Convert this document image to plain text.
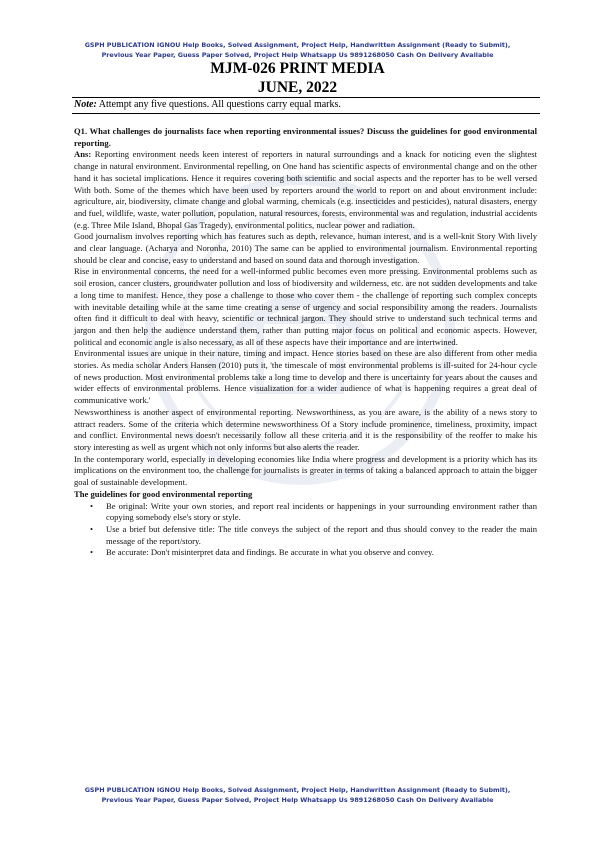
GSPH PUBLICATION IGNOU Help Books, Solved Assignment, Project Help, Handwritten Assignment (Ready to Submit),
Previous Year Paper, Guess Paper Solved, Project Help Whatsapp Us 9891268050 Cash On Delivery Available
MJM-026 PRINT MEDIA
JUNE, 2022
Note: Attempt any five questions. All questions carry equal marks.

Q1. What challenges do journalists face when reporting environmental issues? Discuss the guidelines for good environmental reporting.

Ans: Reporting environment needs keen interest of reporters in natural surroundings and a knack for noticing even the slightest change in natural environment. Environmental repelling, on One hand has scientific aspects of environmental change and on the other hand it has societal implications. Hence it requires covering both scientific and social aspects and the reporter has to be well versed With both. Some of the themes which have been used by reporters around the world to report on and about environment include: agriculture, air, biodiversity, climate change and global warming, chemicals (e.g. insecticides and pesticides), natural disasters, energy and fuel, wildlife, waste, water pollution, population, natural resources, forests, environmental was and regulation, industrial accidents (e.g. Three Mile Island, Bhopal Gas Tragedy), environmental politics, nuclear power and radiation.

Good journalism involves reporting which has features such as depth, relevance, human interest, and is a well-knit Story With lively and clear language. (Acharya and Noronha, 2010) The same can be applied to environmental journalism. Environmental reporting should be clear and concise, easy to understand and based on sound data and thorough investigation.

Rise in environmental concerns, the need for a well-informed public becomes even more pressing. Environmental problems such as soil erosion, cancer clusters, groundwater pollution and loss of biodiversity and wilderness, etc. are not sudden developments and take a long time to manifest. Hence, they pose a challenge to those who cover them - the challenge of reporting such complex concepts with inevitable detailing while at the same time creating a sense of urgency and social responsibility among the readers. Journalists often find it difficult to deal with heavy, scientific or technical jargon. They should strive to understand such technical terms and jargon and then help the audience understand them, rather than putting major focus on political and economic aspects. However, political and economic angle is also necessary, as all of these aspects have their importance and are intertwined.

Environmental issues are unique in their nature, timing and impact. Hence stories based on these are also different from other media stories. As media scholar Anders Hansen (2010) puts it, 'the timescale of most environmental problems is ill-suited for 24-hour cycle of news production. Most environmental problems take a long time to develop and there is uncertainty for years about the causes and wider effects of environmental problems. Hence visualization for a wider audience of what is happening requires a great deal of communicative work.'

Newsworthiness is another aspect of environmental reporting. Newsworthiness, as you are aware, is the ability of a news story to attract readers. Some of the criteria which determine newsworthiness Of a Story include prominence, timeliness, proximity, impact and conflict. Environmental news doesn't necessarily follow all these criteria and it is the responsibility of the reoffer to make his story interesting as well as urgent which not only informs but also alerts the reader.

In the contemporary world, especially in developing economies like India where progress and development is a priority which has its implications on the environment too, the challenge for journalists is greater in terms of taking a balanced approach to attain the bigger goal of sustainable development.

The guidelines for good environmental reporting

• Be original: Write your own stories, and report real incidents or happenings in your surrounding environment rather than copying somebody else's story or style.
• Use a brief but defensive title: The title conveys the subject of the report and thus should convey to the reader the main message of the report/story.
• Be accurate: Don't misinterpret data and findings. Be accurate in what you observe and convey.
GSPH PUBLICATION IGNOU Help Books, Solved Assignment, Project Help, Handwritten Assignment (Ready to Submit),
Previous Year Paper, Guess Paper Solved, Project Help Whatsapp Us 9891268050 Cash On Delivery Available
